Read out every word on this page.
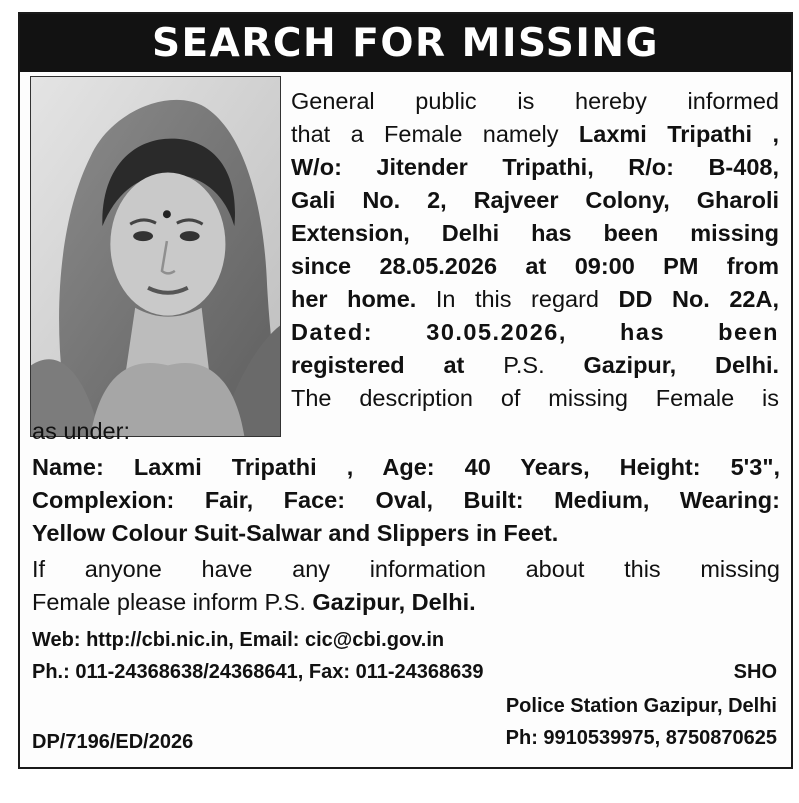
SEARCH FOR MISSING
General public is hereby informed
that a Female namely Laxmi Tripathi ,
W/o: Jitender Tripathi, R/o: B-408,
Gali No. 2, Rajveer Colony, Gharoli
Extension, Delhi has been missing
since 28.05.2026 at 09:00 PM from
her home. In this regard DD No. 22A,
Dated: 30.05.2026, has been
registered at P.S. Gazipur, Delhi.
The description of missing Female is
as under:
Name: Laxmi Tripathi , Age: 40 Years, Height: 5'3",
Complexion: Fair, Face: Oval, Built: Medium, Wearing:
Yellow Colour Suit-Salwar and Slippers in Feet.
If anyone have any information about this missing
Female please inform P.S. Gazipur, Delhi.
Web: http://cbi.nic.in, Email: cic@cbi.gov.in
Ph.: 011-24368638/24368641, Fax: 011-24368639	SHO
Police Station Gazipur, Delhi
Ph: 9910539975, 8750870625
DP/7196/ED/2026
